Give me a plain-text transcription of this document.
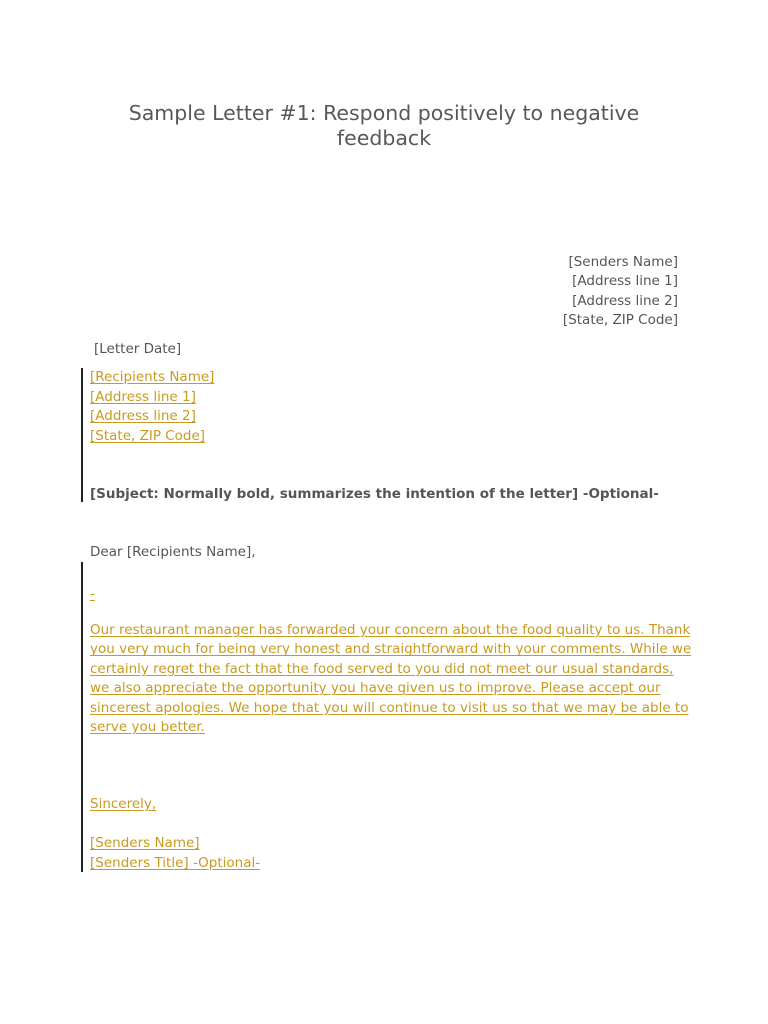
Sample Letter #1: Respond positively to negative
feedback
[Senders Name]
[Address line 1]
[Address line 2]
[State, ZIP Code]
[Letter Date]
[Recipients Name]
[Address line 1]
[Address line 2]
[State, ZIP Code]
[Subject: Normally bold, summarizes the intention of the letter] -Optional-
Dear [Recipients Name],
-
Our restaurant manager has forwarded your concern about the food quality to us. Thank
you very much for being very honest and straightforward with your comments. While we
certainly regret the fact that the food served to you did not meet our usual standards,
we also appreciate the opportunity you have given us to improve. Please accept our
sincerest apologies. We hope that you will continue to visit us so that we may be able to
serve you better.
Sincerely,
[Senders Name]
[Senders Title] -Optional-
